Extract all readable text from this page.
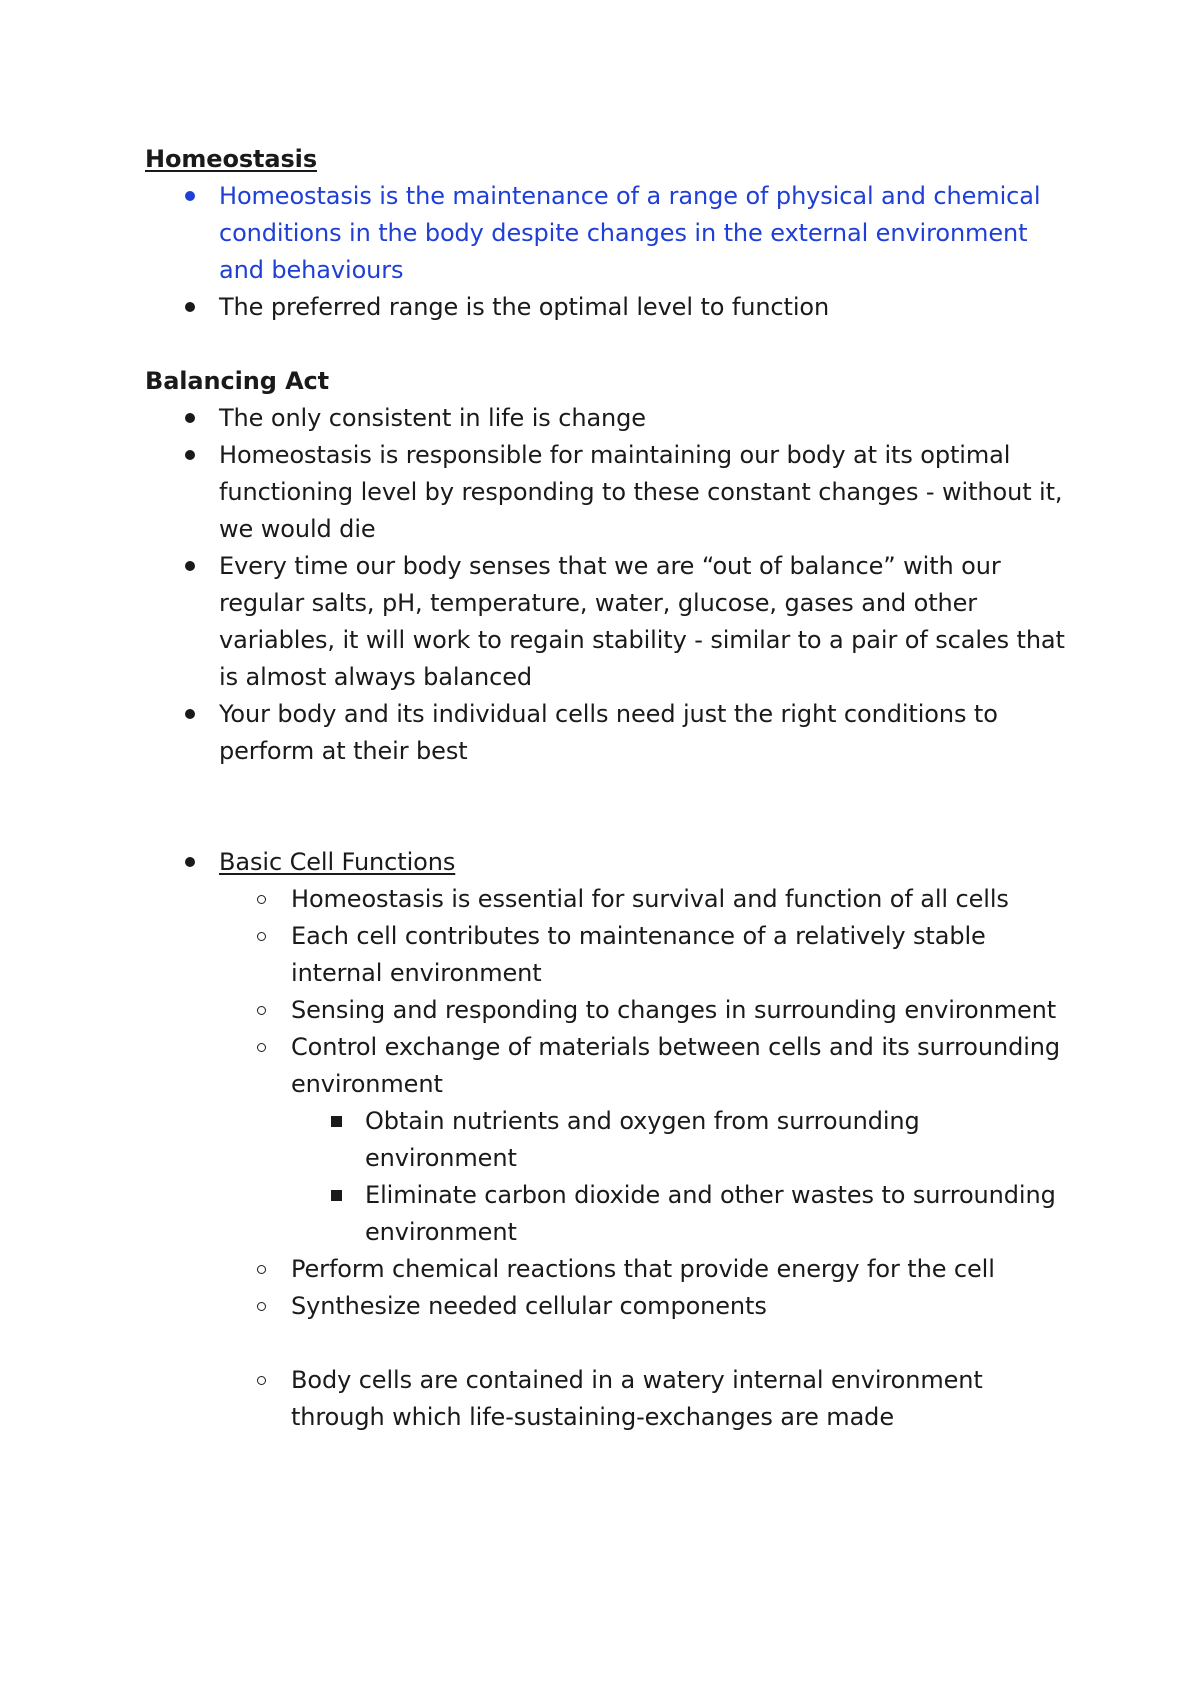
Homeostasis

Homeostasis is the maintenance of a range of physical and chemical conditions in the body despite changes in the external environment and behaviours
The preferred range is the optimal level to function

Balancing Act

The only consistent in life is change
Homeostasis is responsible for maintaining our body at its optimal functioning level by responding to these constant changes - without it, we would die
Every time our body senses that we are “out of balance” with our regular salts, pH, temperature, water, glucose, gases and other variables, it will work to regain stability - similar to a pair of scales that is almost always balanced
Your body and its individual cells need just the right conditions to perform at their best
Basic Cell Functions
Homeostasis is essential for survival and function of all cells
Each cell contributes to maintenance of a relatively stable internal environment
Sensing and responding to changes in surrounding environment
Control exchange of materials between cells and its surrounding environment
Obtain nutrients and oxygen from surrounding environment
Eliminate carbon dioxide and other wastes to surrounding environment
Perform chemical reactions that provide energy for the cell
Synthesize needed cellular components
Body cells are contained in a watery internal environment through which life-sustaining-exchanges are made
